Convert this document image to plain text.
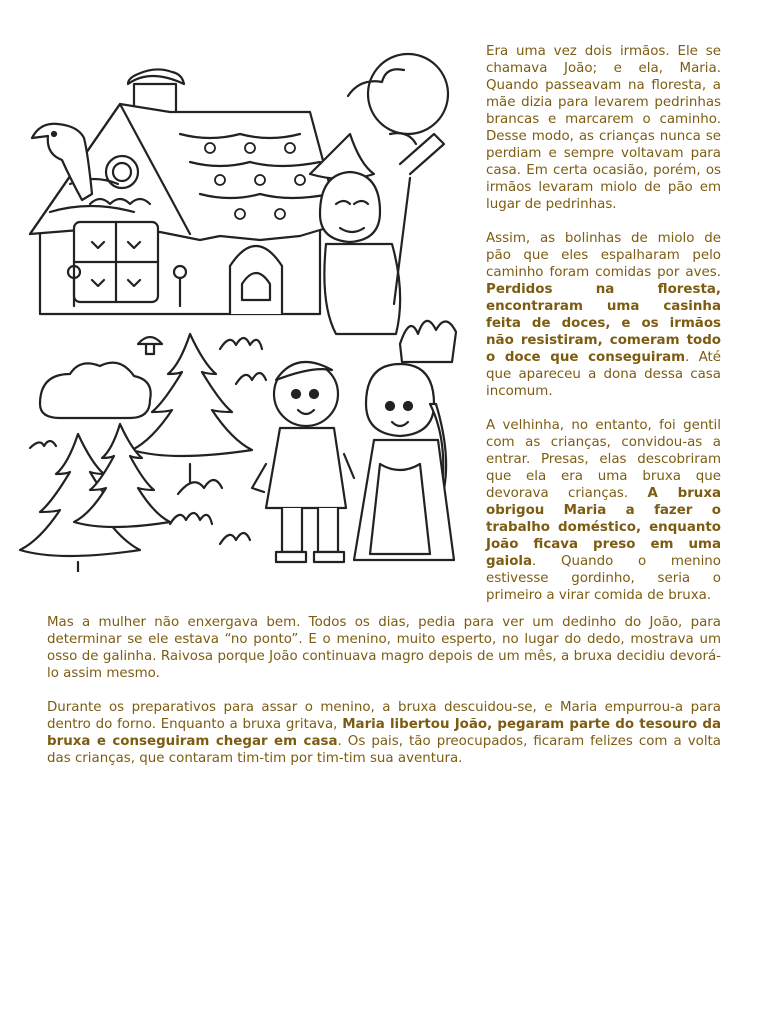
Era uma vez dois irmãos. Ele se chamava João; e ela, Maria. Quando passeavam na floresta, a mãe dizia para levarem pedrinhas brancas e marcarem o caminho. Desse modo, as crianças nunca se perdiam e sempre voltavam para casa. Em certa ocasião, porém, os irmãos levaram miolo de pão em lugar de pedrinhas.

Assim, as bolinhas de miolo de pão que eles espalharam pelo caminho foram comidas por aves. Perdidos na floresta, encontraram uma casinha feita de doces, e os irmãos não resistiram, comeram todo o doce que conseguiram. Até que apareceu a dona dessa casa incomum.

A velhinha, no entanto, foi gentil com as crianças, convidou-as a entrar. Presas, elas descobriram que ela era uma bruxa que devorava crianças. A bruxa obrigou Maria a fazer o trabalho doméstico, enquanto João ficava preso em uma gaiola. Quando o menino estivesse gordinho, seria o primeiro a virar comida de bruxa.

Mas a mulher não enxergava bem. Todos os dias, pedia para ver um dedinho do João, para determinar se ele estava “no ponto”. E o menino, muito esperto, no lugar do dedo, mostrava um osso de galinha. Raivosa porque João continuava magro depois de um mês, a bruxa decidiu devorá-lo assim mesmo.

Durante os preparativos para assar o menino, a bruxa descuidou-se, e Maria empurrou-a para dentro do forno. Enquanto a bruxa gritava, Maria libertou João, pegaram parte do tesouro da bruxa e conseguiram chegar em casa. Os pais, tão preocupados, ficaram felizes com a volta das crianças, que contaram tim-tim por tim-tim sua aventura.
